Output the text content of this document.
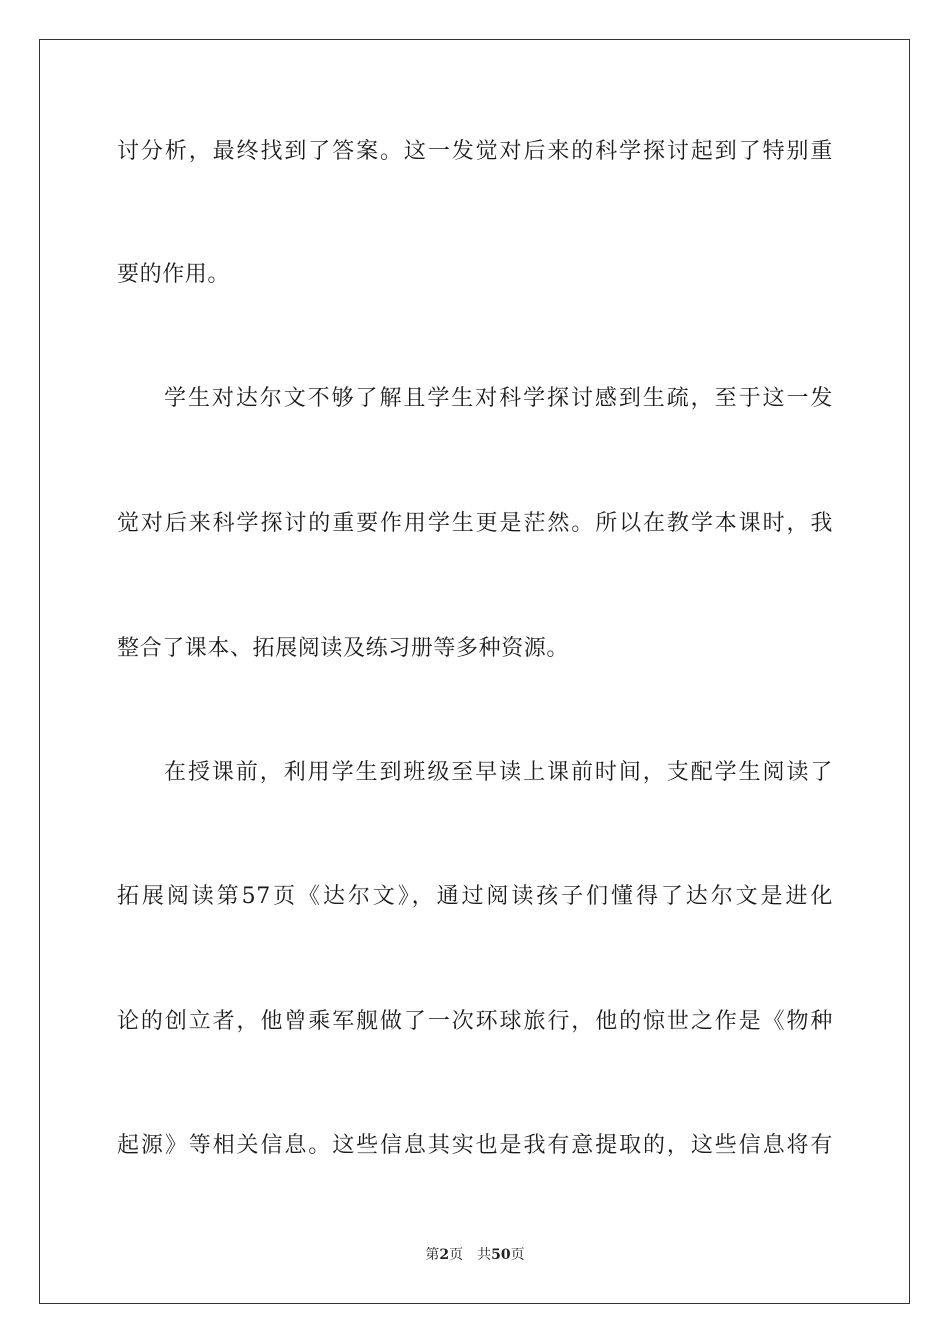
讨分析，最终找到了答案。这一发觉对后来的科学探讨起到了特别重
要的作用。
学生对达尔文不够了解且学生对科学探讨感到生疏，至于这一发
觉对后来科学探讨的重要作用学生更是茫然。所以在教学本课时，我
整合了课本、拓展阅读及练习册等多种资源。
在授课前，利用学生到班级至早读上课前时间，支配学生阅读了
拓展阅读第57页《达尔文》，通过阅读孩子们懂得了达尔文是进化
论的创立者，他曾乘军舰做了一次环球旅行，他的惊世之作是《物种
起源》等相关信息。这些信息其实也是我有意提取的，这些信息将有
第2页 共50页
